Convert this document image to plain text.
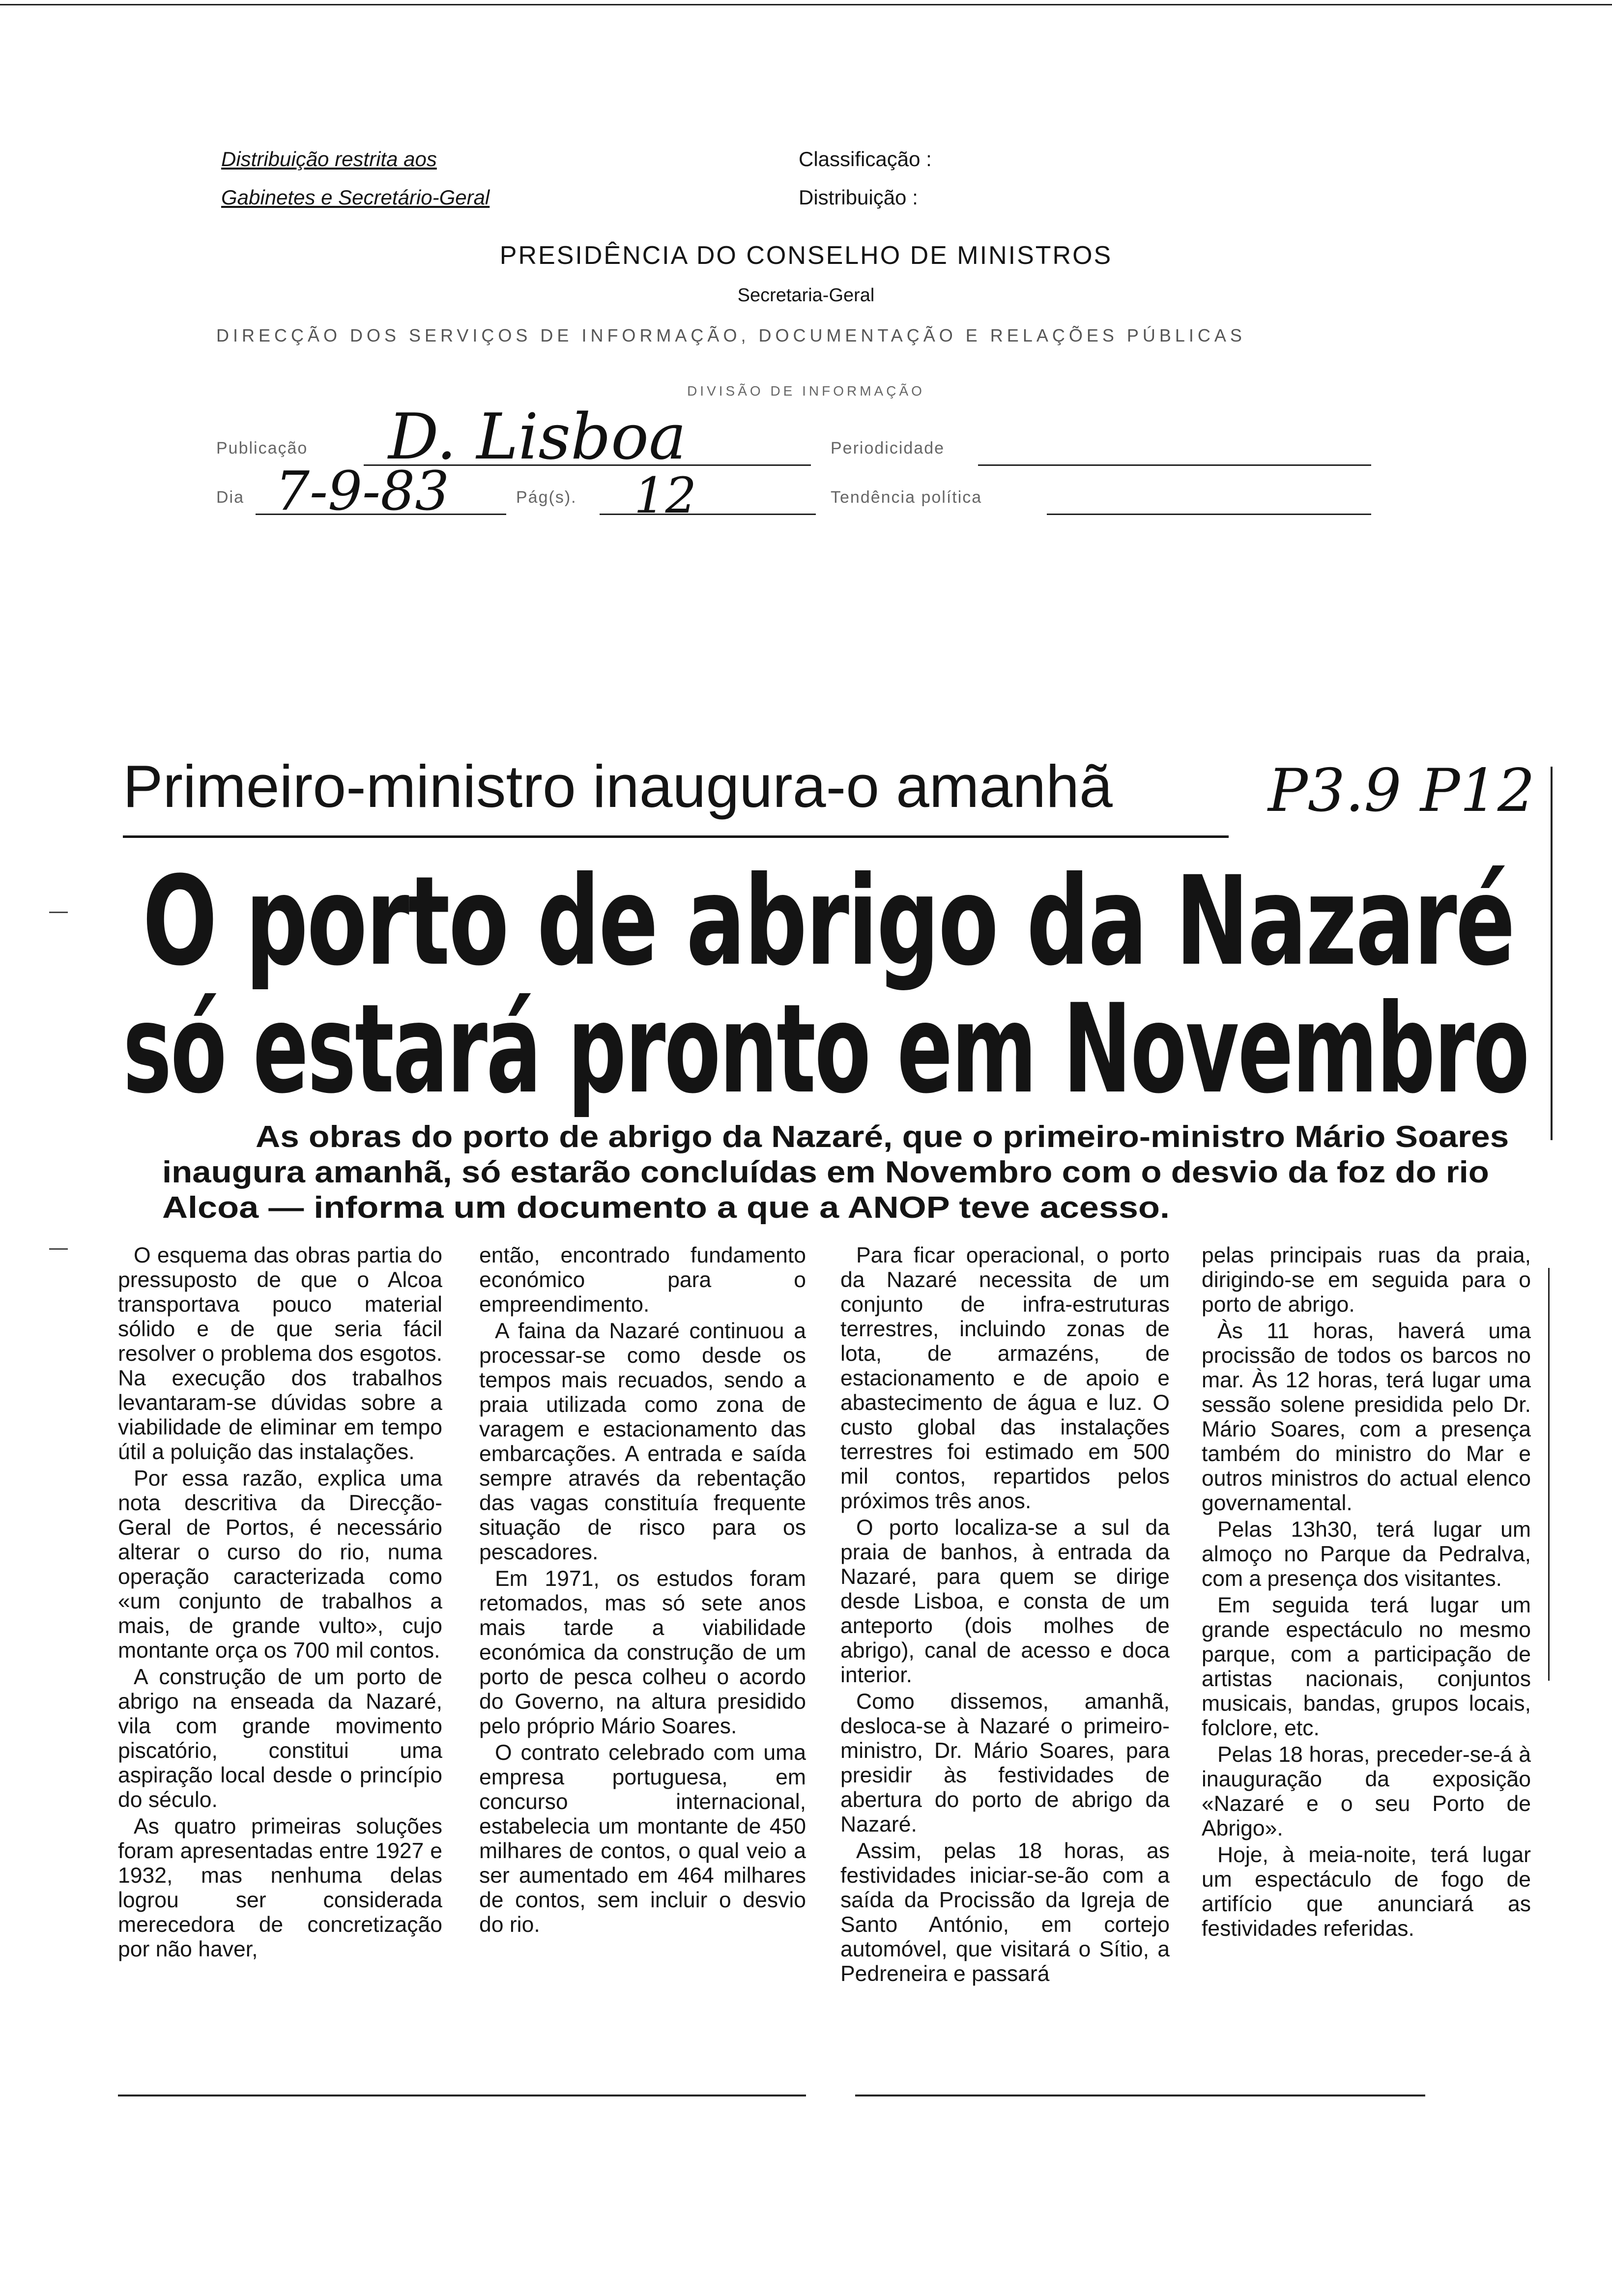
Distribuição restrita aos
Gabinetes e Secretário-Geral
Classificação :
Distribuição :
PRESIDÊNCIA DO CONSELHO DE MINISTROS
Secretaria-Geral
DIRECÇÃO DOS SERVIÇOS DE INFORMAÇÃO, DOCUMENTAÇÃO E RELAÇÕES PÚBLICAS
DIVISÃO DE INFORMAÇÃO
Publicação D. Lisboa	Periodicidade
Dia 7-9-83	Pág(s). 12	Tendência política
Primeiro-ministro inaugura-o amanhã	P3.9 P12
O porto de abrigo da Nazaré
só estará pronto em Novembro
As obras do porto de abrigo da Nazaré, que o primeiro-ministro Mário Soares
inaugura amanhã, só estarão concluídas em Novembro com o desvio da foz do rio
Alcoa — informa um documento a que a ANOP teve acesso.

O esquema das obras partia do pressuposto de que o Alcoa transportava pouco material sólido e de que seria fácil resolver o problema dos esgotos. Na execução dos trabalhos levantaram-se dúvidas sobre a viabilidade de eliminar em tempo útil a poluição das instalações.

Por essa razão, explica uma nota descritiva da Direcção-Geral de Portos, é necessário alterar o curso do rio, numa operação caracterizada como «um conjunto de trabalhos a mais, de grande vulto», cujo montante orça os 700 mil contos.

A construção de um porto de abrigo na enseada da Nazaré, vila com grande movimento piscatório, constitui uma aspiração local desde o princípio do século.

As quatro primeiras soluções foram apresentadas entre 1927 e 1932, mas nenhuma delas logrou ser considerada merecedora de concretização por não haver,

então, encontrado fundamento económico para o empreendimento.

A faina da Nazaré continuou a processar-se como desde os tempos mais recuados, sendo a praia utilizada como zona de varagem e estacionamento das embarcações. A entrada e saída sempre através da rebentação das vagas constituía frequente situação de risco para os pescadores.

Em 1971, os estudos foram retomados, mas só sete anos mais tarde a viabilidade económica da construção de um porto de pesca colheu o acordo do Governo, na altura presidido pelo próprio Mário Soares.

O contrato celebrado com uma empresa portuguesa, em concurso internacional, estabelecia um montante de 450 milhares de contos, o qual veio a ser aumentado em 464 milhares de contos, sem incluir o desvio do rio.

Para ficar operacional, o porto da Nazaré necessita de um conjunto de infra-estruturas terrestres, incluindo zonas de lota, de armazéns, de estacionamento e de apoio e abastecimento de água e luz. O custo global das instalações terrestres foi estimado em 500 mil contos, repartidos pelos próximos três anos.

O porto localiza-se a sul da praia de banhos, à entrada da Nazaré, para quem se dirige desde Lisboa, e consta de um anteporto (dois molhes de abrigo), canal de acesso e doca interior.

Como dissemos, amanhã, desloca-se à Nazaré o primeiro-ministro, Dr. Mário Soares, para presidir às festividades de abertura do porto de abrigo da Nazaré.

Assim, pelas 18 horas, as festividades iniciar-se-ão com a saída da Procissão da Igreja de Santo António, em cortejo automóvel, que visitará o Sítio, a Pedreneira e passará

pelas principais ruas da praia, dirigindo-se em seguida para o porto de abrigo.

Às 11 horas, haverá uma procissão de todos os barcos no mar. Às 12 horas, terá lugar uma sessão solene presidida pelo Dr. Mário Soares, com a presença também do ministro do Mar e outros ministros do actual elenco governamental.

Pelas 13h30, terá lugar um almoço no Parque da Pedralva, com a presença dos visitantes.

Em seguida terá lugar um grande espectáculo no mesmo parque, com a participação de artistas nacionais, conjuntos musicais, bandas, grupos locais, folclore, etc.

Pelas 18 horas, preceder-se-á à inauguração da exposição «Nazaré e o seu Porto de Abrigo».

Hoje, à meia-noite, terá lugar um espectáculo de fogo de artifício que anunciará as festividades referidas.
